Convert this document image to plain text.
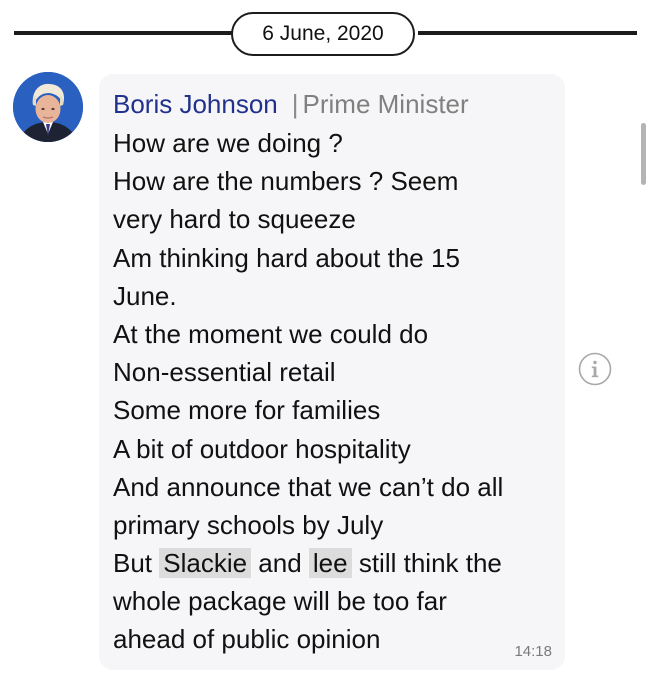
6 June, 2020
Boris Johnson | Prime Minister
How are we doing ?
How are the numbers ? Seem
very hard to squeeze
Am thinking hard about the 15
June.
At the moment we could do
Non-essential retail
Some more for families
A bit of outdoor hospitality
And announce that we can’t do all
primary schools by July
But Slackie and lee still think the
whole package will be too far
ahead of public opinion	14:18
